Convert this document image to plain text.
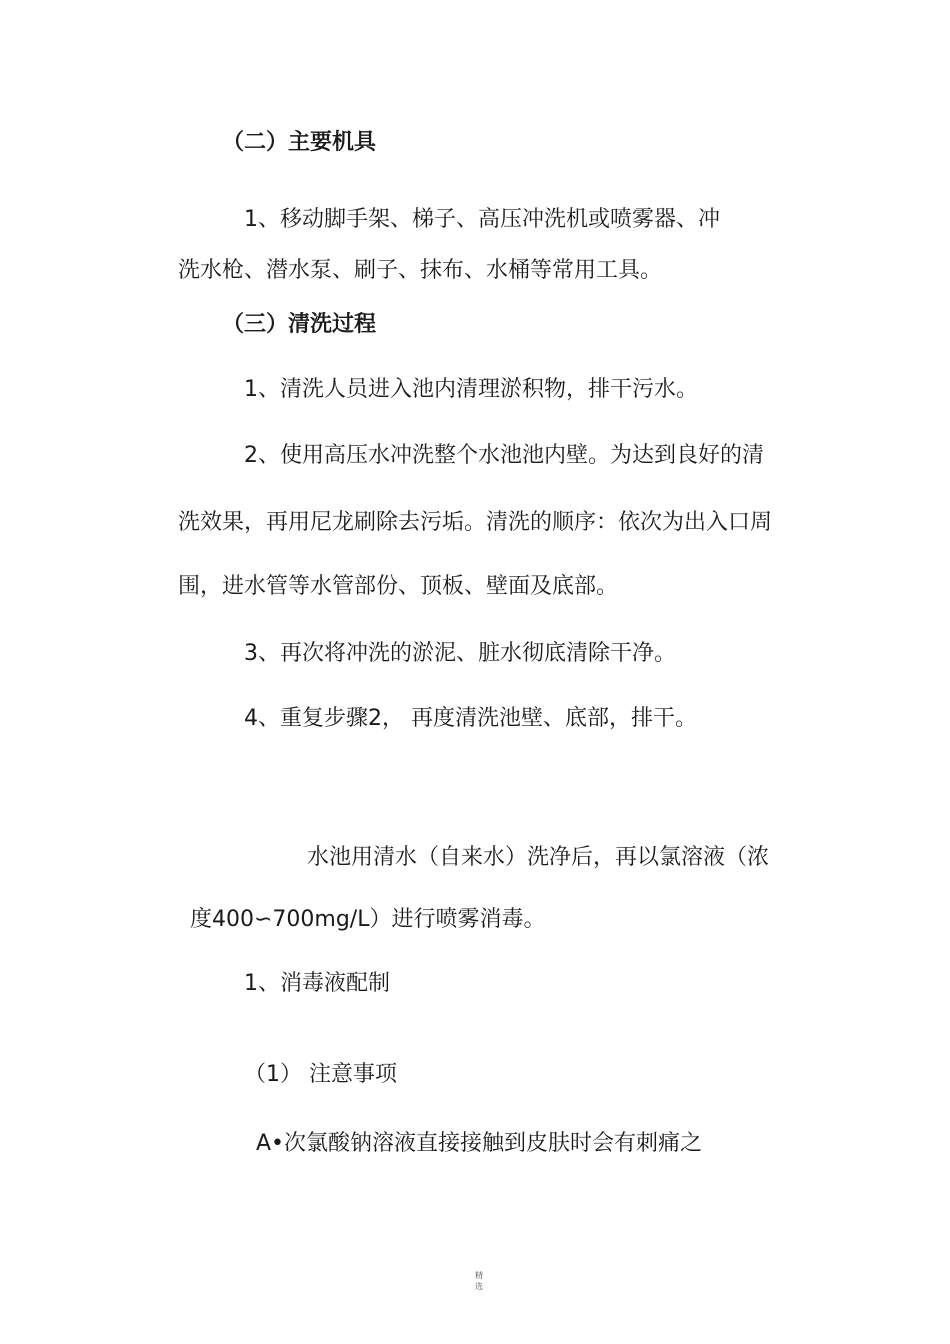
（二）主要机具
1、移动脚手架、梯子、高压冲洗机或喷雾器、冲
洗水枪、潜水泵、刷子、抹布、水桶等常用工具。
（三）清洗过程
1、清洗人员进入池内清理淤积物，排干污水。
2、使用高压水冲洗整个水池池内壁。为达到良好的清
洗效果，再用尼龙刷除去污垢。清洗的顺序：依次为出入口周
围，进水管等水管部份、顶板、壁面及底部。
3、再次将冲洗的淤泥、脏水彻底清除干净。
4、重复步骤2， 再度清洗池壁、底部，排干。
水池用清水（自来水）洗净后，再以氯溶液（浓
度400∽700mg/L）进行喷雾消毒。
1、消毒液配制
（1） 注意事项
A•次氯酸钠溶液直接接触到皮肤时会有刺痛之
精选
